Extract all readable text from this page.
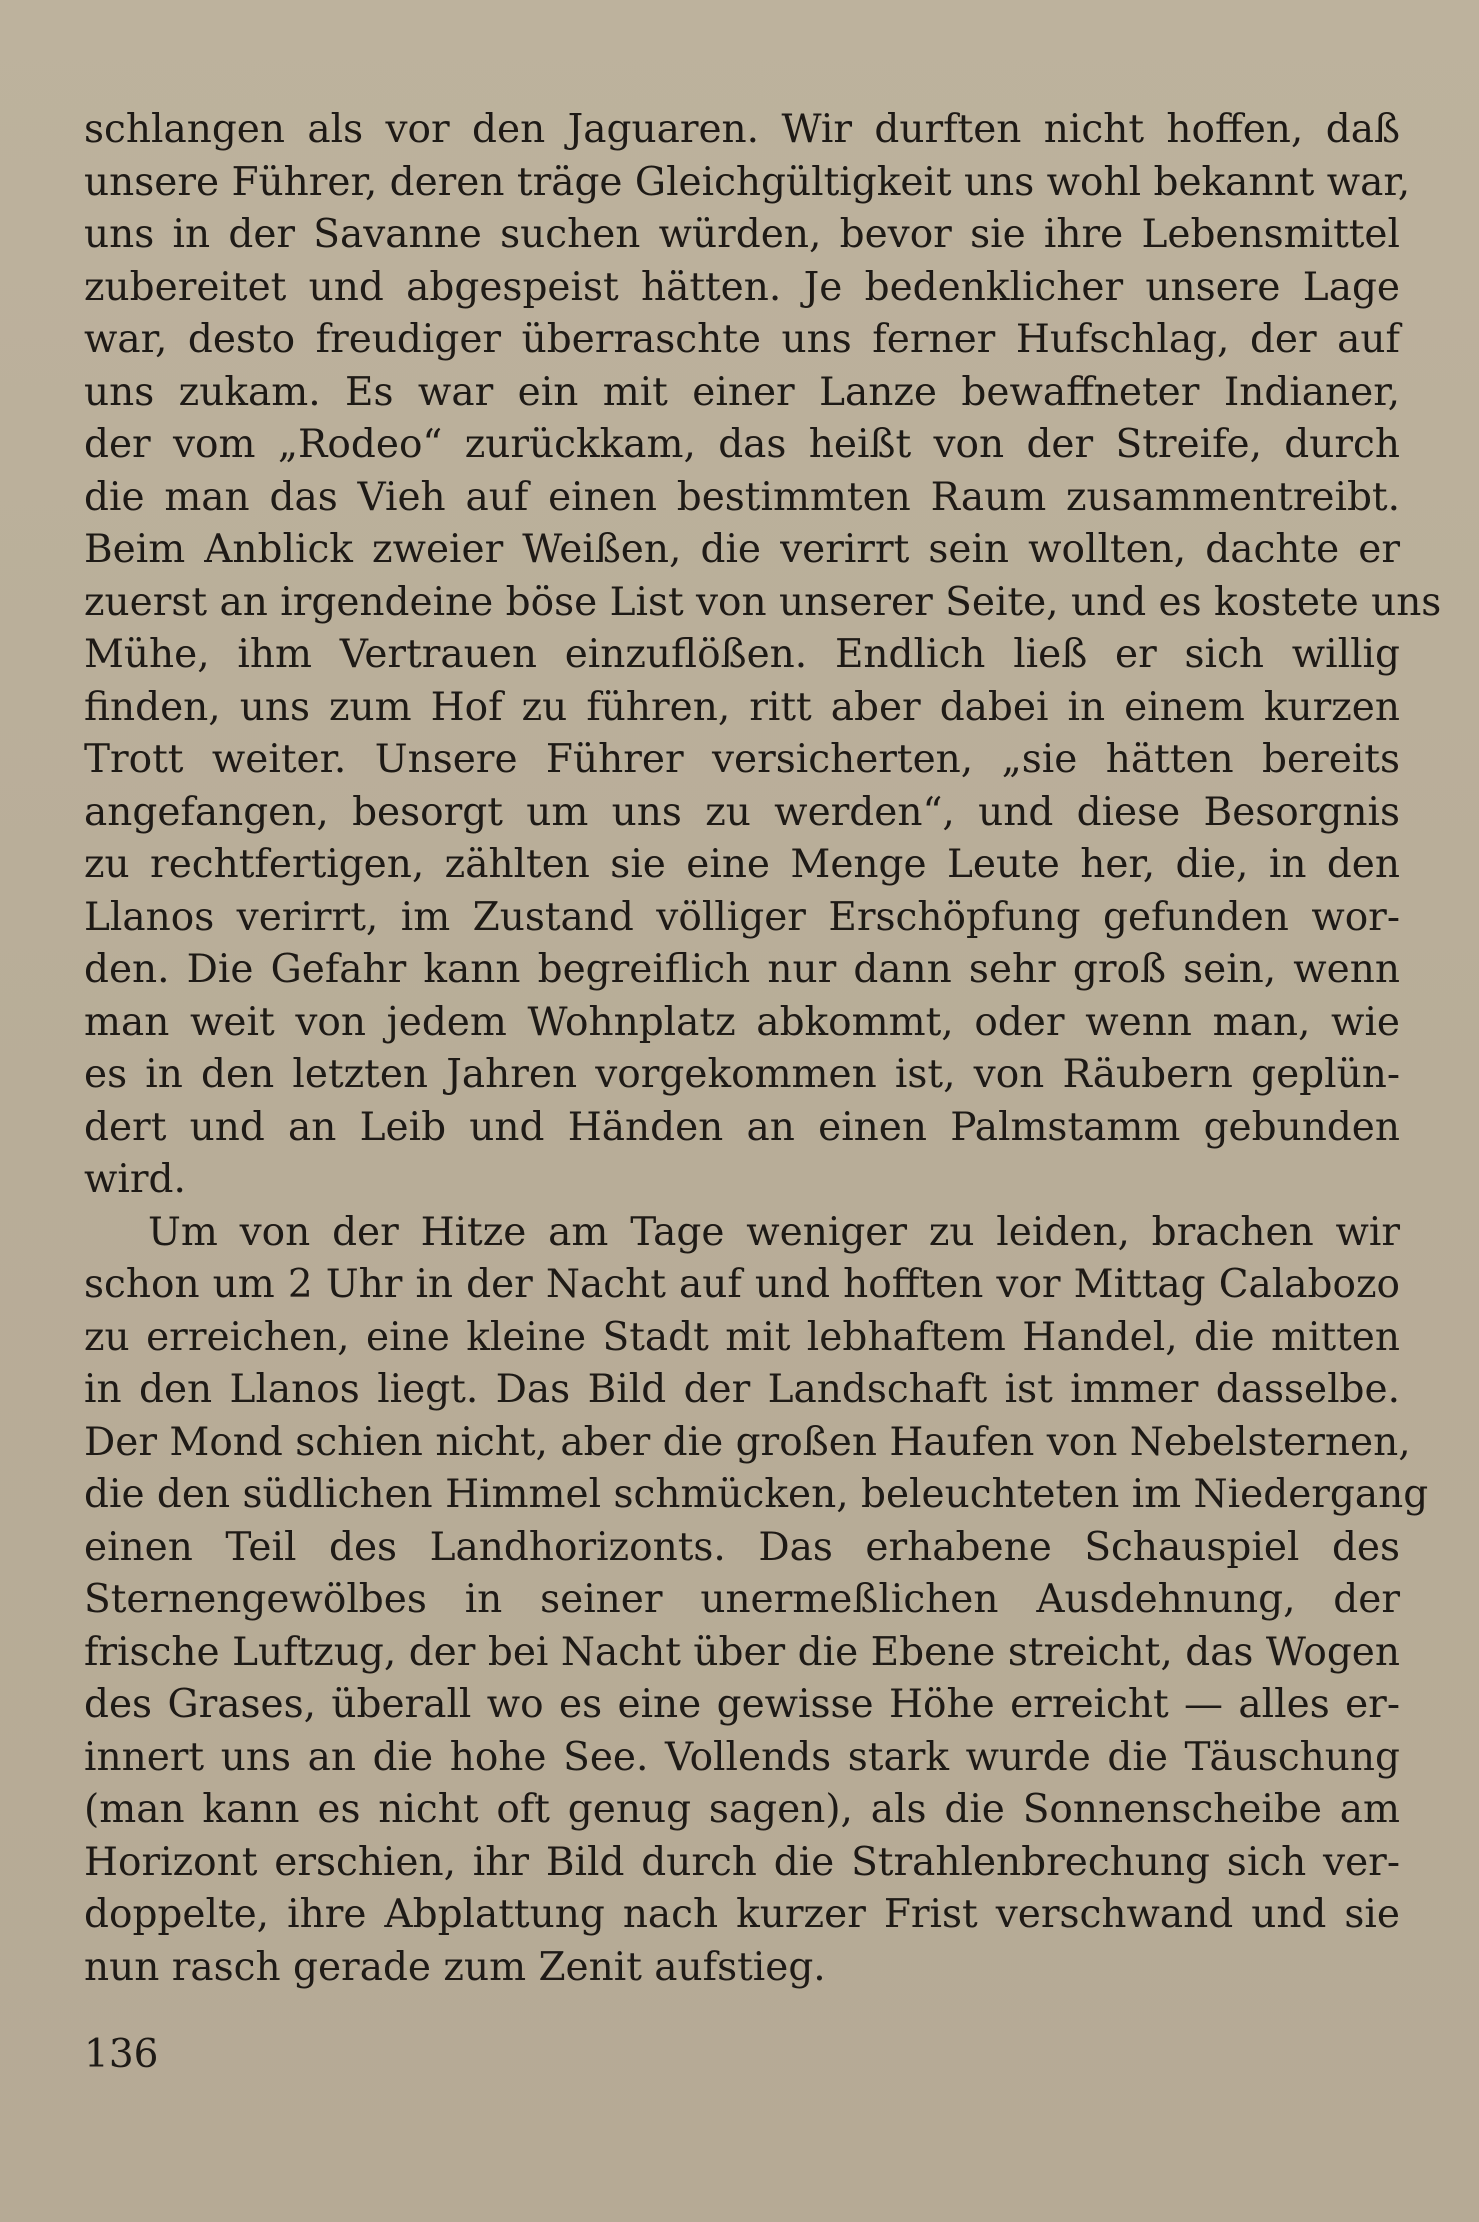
schlangen als vor den Jaguaren. Wir durften nicht hoffen, daß
unsere Führer, deren träge Gleichgültigkeit uns wohl bekannt war,
uns in der Savanne suchen würden, bevor sie ihre Lebensmittel
zubereitet und abgespeist hätten. Je bedenklicher unsere Lage
war, desto freudiger überraschte uns ferner Hufschlag, der auf
uns zukam. Es war ein mit einer Lanze bewaffneter Indianer,
der vom „Rodeo“ zurückkam, das heißt von der Streife, durch
die man das Vieh auf einen bestimmten Raum zusammentreibt.
Beim Anblick zweier Weißen, die verirrt sein wollten, dachte er
zuerst an irgendeine böse List von unserer Seite, und es kostete uns
Mühe, ihm Vertrauen einzuflößen. Endlich ließ er sich willig
finden, uns zum Hof zu führen, ritt aber dabei in einem kurzen
Trott weiter. Unsere Führer versicherten, „sie hätten bereits
angefangen, besorgt um uns zu werden“, und diese Besorgnis
zu rechtfertigen, zählten sie eine Menge Leute her, die, in den
Llanos verirrt, im Zustand völliger Erschöpfung gefunden wor-
den. Die Gefahr kann begreiflich nur dann sehr groß sein, wenn
man weit von jedem Wohnplatz abkommt, oder wenn man, wie
es in den letzten Jahren vorgekommen ist, von Räubern geplün-
dert und an Leib und Händen an einen Palmstamm gebunden
wird.
Um von der Hitze am Tage weniger zu leiden, brachen wir
schon um 2 Uhr in der Nacht auf und hofften vor Mittag Calabozo
zu erreichen, eine kleine Stadt mit lebhaftem Handel, die mitten
in den Llanos liegt. Das Bild der Landschaft ist immer dasselbe.
Der Mond schien nicht, aber die großen Haufen von Nebelsternen,
die den südlichen Himmel schmücken, beleuchteten im Niedergang
einen Teil des Landhorizonts. Das erhabene Schauspiel des
Sternengewölbes in seiner unermeßlichen Ausdehnung, der
frische Luftzug, der bei Nacht über die Ebene streicht, das Wogen
des Grases, überall wo es eine gewisse Höhe erreicht — alles er-
innert uns an die hohe See. Vollends stark wurde die Täuschung
(man kann es nicht oft genug sagen), als die Sonnenscheibe am
Horizont erschien, ihr Bild durch die Strahlenbrechung sich ver-
doppelte, ihre Abplattung nach kurzer Frist verschwand und sie
nun rasch gerade zum Zenit aufstieg.
136
